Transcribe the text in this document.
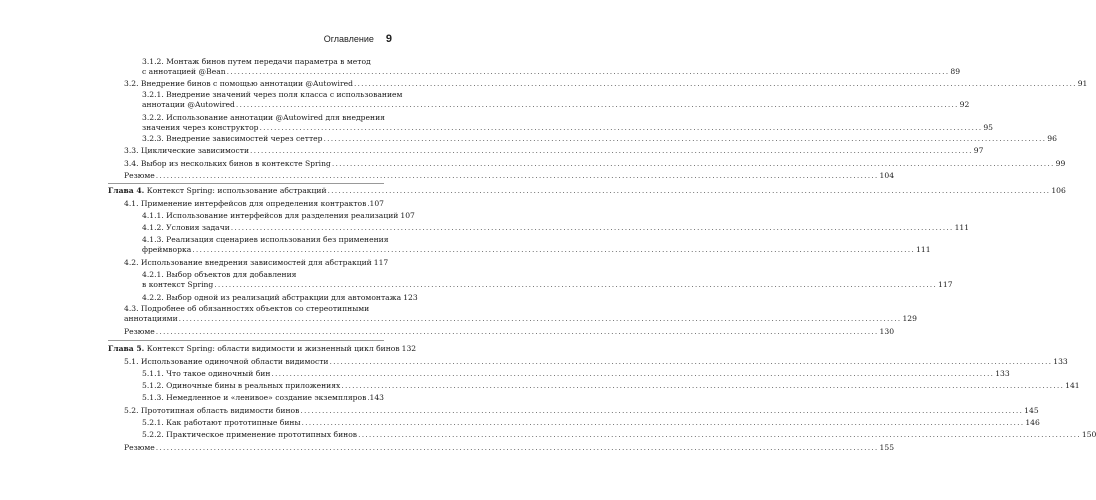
Оглавление 9
3.1.2. Монтаж бинов путем передачи параметра в метод
с аннотацией @Bean ........................................................................................................................................................................................................ 89
3.2. Внедрение бинов с помощью аннотации @Autowired ........................................................................................................................................................................................................ 91
3.2.1. Внедрение значений через поля класса с использованием
аннотации @Autowired ........................................................................................................................................................................................................ 92
3.2.2. Использование аннотации @Autowired для внедрения
значения через конструктор ........................................................................................................................................................................................................ 95
3.2.3. Внедрение зависимостей через сеттер ........................................................................................................................................................................................................ 96
3.3. Циклические зависимости ........................................................................................................................................................................................................ 97
3.4. Выбор из нескольких бинов в контексте Spring ........................................................................................................................................................................................................ 99
Резюме ........................................................................................................................................................................................................ 104
Глава 4. Контекст Spring: использование абстракций ........................................................................................................................................................................................................ 106
4.1. Применение интерфейсов для определения контрактов 107
4.1.1. Использование интерфейсов для разделения реализаций 107
4.1.2. Условия задачи ........................................................................................................................................................................................................ 111
4.1.3. Реализация сценариев использования без применения
фреймворка ........................................................................................................................................................................................................ 111
4.2. Использование внедрения зависимостей для абстракций 117
4.2.1. Выбор объектов для добавления
в контекст Spring ........................................................................................................................................................................................................ 117
4.2.2. Выбор одной из реализаций абстракции для автомонтажа 123
4.3. Подробнее об обязанностях объектов со стереотипными
аннотациями ........................................................................................................................................................................................................ 129
Резюме ........................................................................................................................................................................................................ 130
Глава 5. Контекст Spring: области видимости и жизненный цикл бинов 132
5.1. Использование одиночной области видимости ........................................................................................................................................................................................................ 133
5.1.1. Что такое одиночный бин ........................................................................................................................................................................................................ 133
5.1.2. Одиночные бины в реальных приложениях ........................................................................................................................................................................................................ 141
5.1.3. Немедленное и «ленивое» создание экземпляров 143
5.2. Прототипная область видимости бинов ........................................................................................................................................................................................................ 145
5.2.1. Как работают прототипные бины ........................................................................................................................................................................................................ 146
5.2.2. Практическое применение прототипных бинов ........................................................................................................................................................................................................ 150
Резюме ........................................................................................................................................................................................................ 155
